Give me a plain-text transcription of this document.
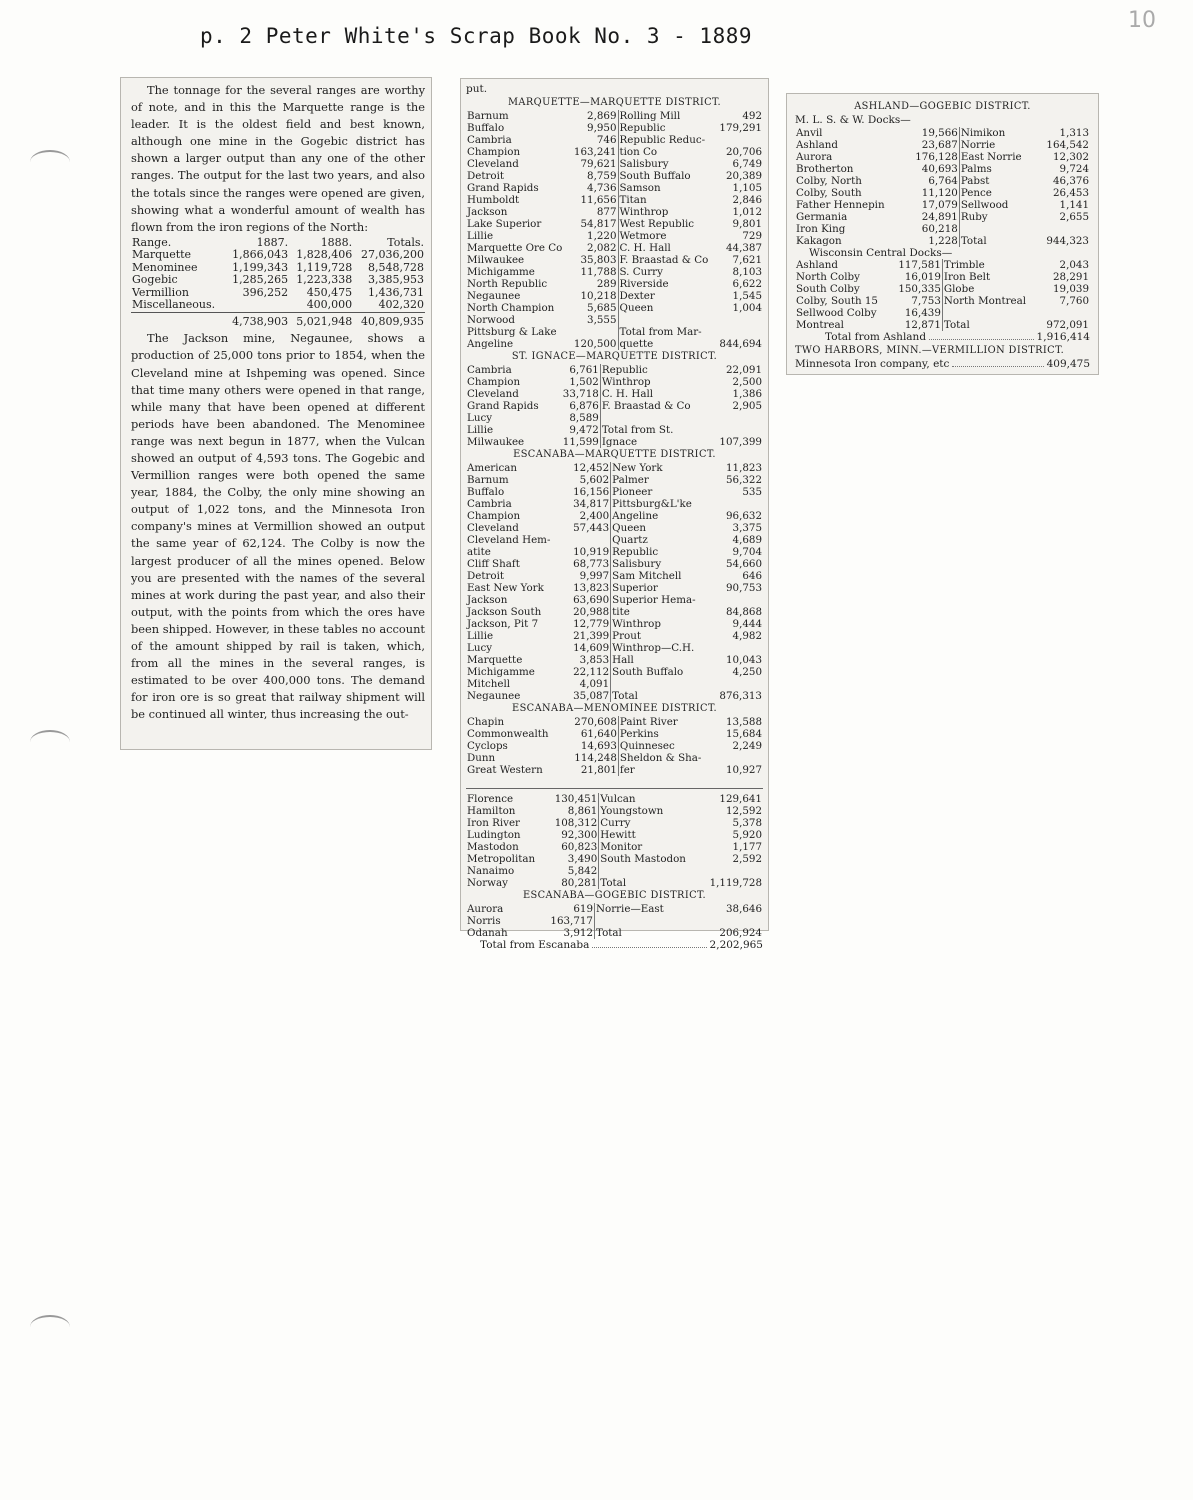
p. 2 Peter White's Scrap Book No. 3 - 1889
10

The tonnage for the several ranges are worthy of note, and in this the Marquette range is the leader. It is the oldest field and best known, although one mine in the Gogebic district has shown a larger output than any one of the other ranges. The output for the last two years, and also the totals since the ranges were opened are given, showing what a wonderful amount of wealth has flown from the iron regions of the North:

Range.	1887.	1888.	Totals.
Marquette	1,866,043	1,828,406	27,036,200
Menominee	1,199,343	1,119,728	8,548,728
Gogebic	1,285,265	1,223,338	3,385,953
Vermillion	396,252	450,475	1,436,731
Miscellaneous.		400,000	402,320
	4,738,903	5,021,948	40,809,935

The Jackson mine, Negaunee, shows a production of 25,000 tons prior to 1854, when the Cleveland mine at Ishpeming was opened. Since that time many others were opened in that range, while many that have been opened at different periods have been abandoned. The Menominee range was next begun in 1877, when the Vulcan showed an output of 4,593 tons. The Gogebic and Vermillion ranges were both opened the same year, 1884, the Colby, the only mine showing an output of 1,022 tons, and the Minnesota Iron company's mines at Vermillion showed an output the same year of 62,124. The Colby is now the largest producer of all the mines opened. Below you are presented with the names of the several mines at work during the past year, and also their output, with the points from which the ores have been shipped. However, in these tables no account of the amount shipped by rail is taken, which, from all the mines in the several ranges, is estimated to be over 400,000 tons. The demand for iron ore is so great that railway shipment will be continued all winter, thus increasing the out-

put.
MARQUETTE—MARQUETTE DISTRICT.
Barnum	2,869	Rolling Mill	492
Buffalo	9,950	Republic	179,291
Cambria	746	Republic Reduc-	
Champion	163,241	tion Co	20,706
Cleveland	79,621	Salisbury	6,749
Detroit	8,759	South Buffalo	20,389
Grand Rapids	4,736	Samson	1,105
Humboldt	11,656	Titan	2,846
Jackson	877	Winthrop	1,012
Lake Superior	54,817	West Republic	9,801
Lillie	1,220	Wetmore	729
Marquette Ore Co	2,082	C. H. Hall	44,387
Milwaukee	35,803	F. Braastad & Co	7,621
Michigamme	11,788	S. Curry	8,103
North Republic	289	Riverside	6,622
Negaunee	10,218	Dexter	1,545
North Champion	5,685	Queen	1,004
Norwood	3,555		
Pittsburg & Lake		Total from Mar-	
Angeline	120,500	quette	844,694
ST. IGNACE—MARQUETTE DISTRICT.
Cambria	6,761	Republic	22,091
Champion	1,502	Winthrop	2,500
Cleveland	33,718	C. H. Hall	1,386
Grand Rapids	6,876	F. Braastad & Co	2,905
Lucy	8,589		
Lillie	9,472	Total from St.	
Milwaukee	11,599	Ignace	107,399
ESCANABA—MARQUETTE DISTRICT.
American	12,452	New York	11,823
Barnum	5,602	Palmer	56,322
Buffalo	16,156	Pioneer	535
Cambria	34,817	Pittsburg&L'ke	
Champion	2,400	Angeline	96,632
Cleveland	57,443	Queen	3,375
Cleveland Hem-		Quartz	4,689
atite	10,919	Republic	9,704
Cliff Shaft	68,773	Salisbury	54,660
Detroit	9,997	Sam Mitchell	646
East New York	13,823	Superior	90,753
Jackson	63,690	Superior Hema-	
Jackson South	20,988	tite	84,868
Jackson, Pit 7	12,779	Winthrop	9,444
Lillie	21,399	Prout	4,982
Lucy	14,609	Winthrop—C.H.	
Marquette	3,853	Hall	10,043
Michigamme	22,112	South Buffalo	4,250
Mitchell	4,091		
Negaunee	35,087	Total	876,313
ESCANABA—MENOMINEE DISTRICT.
Chapin	270,608	Paint River	13,588
Commonwealth	61,640	Perkins	15,684
Cyclops	14,693	Quinnesec	2,249
Dunn	114,248	Sheldon & Sha-	
Great Western	21,801	fer	10,927
Florence	130,451	Vulcan	129,641
Hamilton	8,861	Youngstown	12,592
Iron River	108,312	Curry	5,378
Ludington	92,300	Hewitt	5,920
Mastodon	60,823	Monitor	1,177
Metropolitan	3,490	South Mastodon	2,592
Nanaimo	5,842		
Norway	80,281	Total	1,119,728
ESCANABA—GOGEBIC DISTRICT.
Aurora	619	Norrie—East	38,646
Norris	163,717		
Odanah	3,912	Total	206,924
Total from Escanaba	2,202,965
ASHLAND—GOGEBIC DISTRICT.
M. L. S. & W. Docks—
Anvil	19,566	Nimikon	1,313
Ashland	23,687	Norrie	164,542
Aurora	176,128	East Norrie	12,302
Brotherton	40,693	Palms	9,724
Colby, North	6,764	Pabst	46,376
Colby, South	11,120	Pence	26,453
Father Hennepin	17,079	Sellwood	1,141
Germania	24,891	Ruby	2,655
Iron King	60,218		
Kakagon	1,228	Total	944,323
Wisconsin Central Docks—
Ashland	117,581	Trimble	2,043
North Colby	16,019	Iron Belt	28,291
South Colby	150,335	Globe	19,039
Colby, South 15	7,753	North Montreal	7,760
Sellwood Colby	16,439		
Montreal	12,871	Total	972,091
Total from Ashland	1,916,414
TWO HARBORS, MINN.—VERMILLION DISTRICT.
Minnesota Iron company, etc	409,475
